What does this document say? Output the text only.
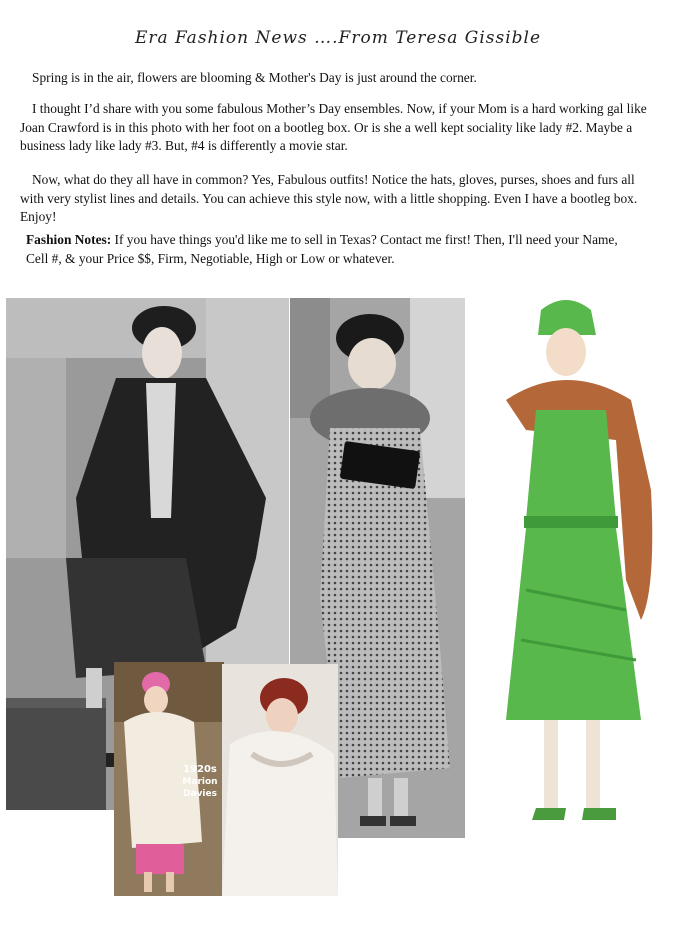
Era Fashion News ….From Teresa Gissible

Spring is in the air, flowers are blooming & Mother's Day is just around the corner.

I thought I’d share with you some fabulous Mother’s Day ensembles. Now, if your Mom is a hard working gal like Joan Crawford is in this photo with her foot on a bootleg box. Or is she a well kept sociality like lady #2. Maybe a business lady like lady #3. But, #4 is differently a movie star.

Now, what do they all have in common? Yes, Fabulous outfits! Notice the hats, gloves, purses, shoes and furs all with very stylist lines and details. You can achieve this style now, with a little shopping. Even I have a bootleg box. Enjoy!

Fashion Notes: If you have things you'd like me to sell in Texas? Contact me first! Then, I'll need your Name, Cell #, & your Price $$, Firm, Negotiable, High or Low or whatever.

1920s
Marion
Davies
